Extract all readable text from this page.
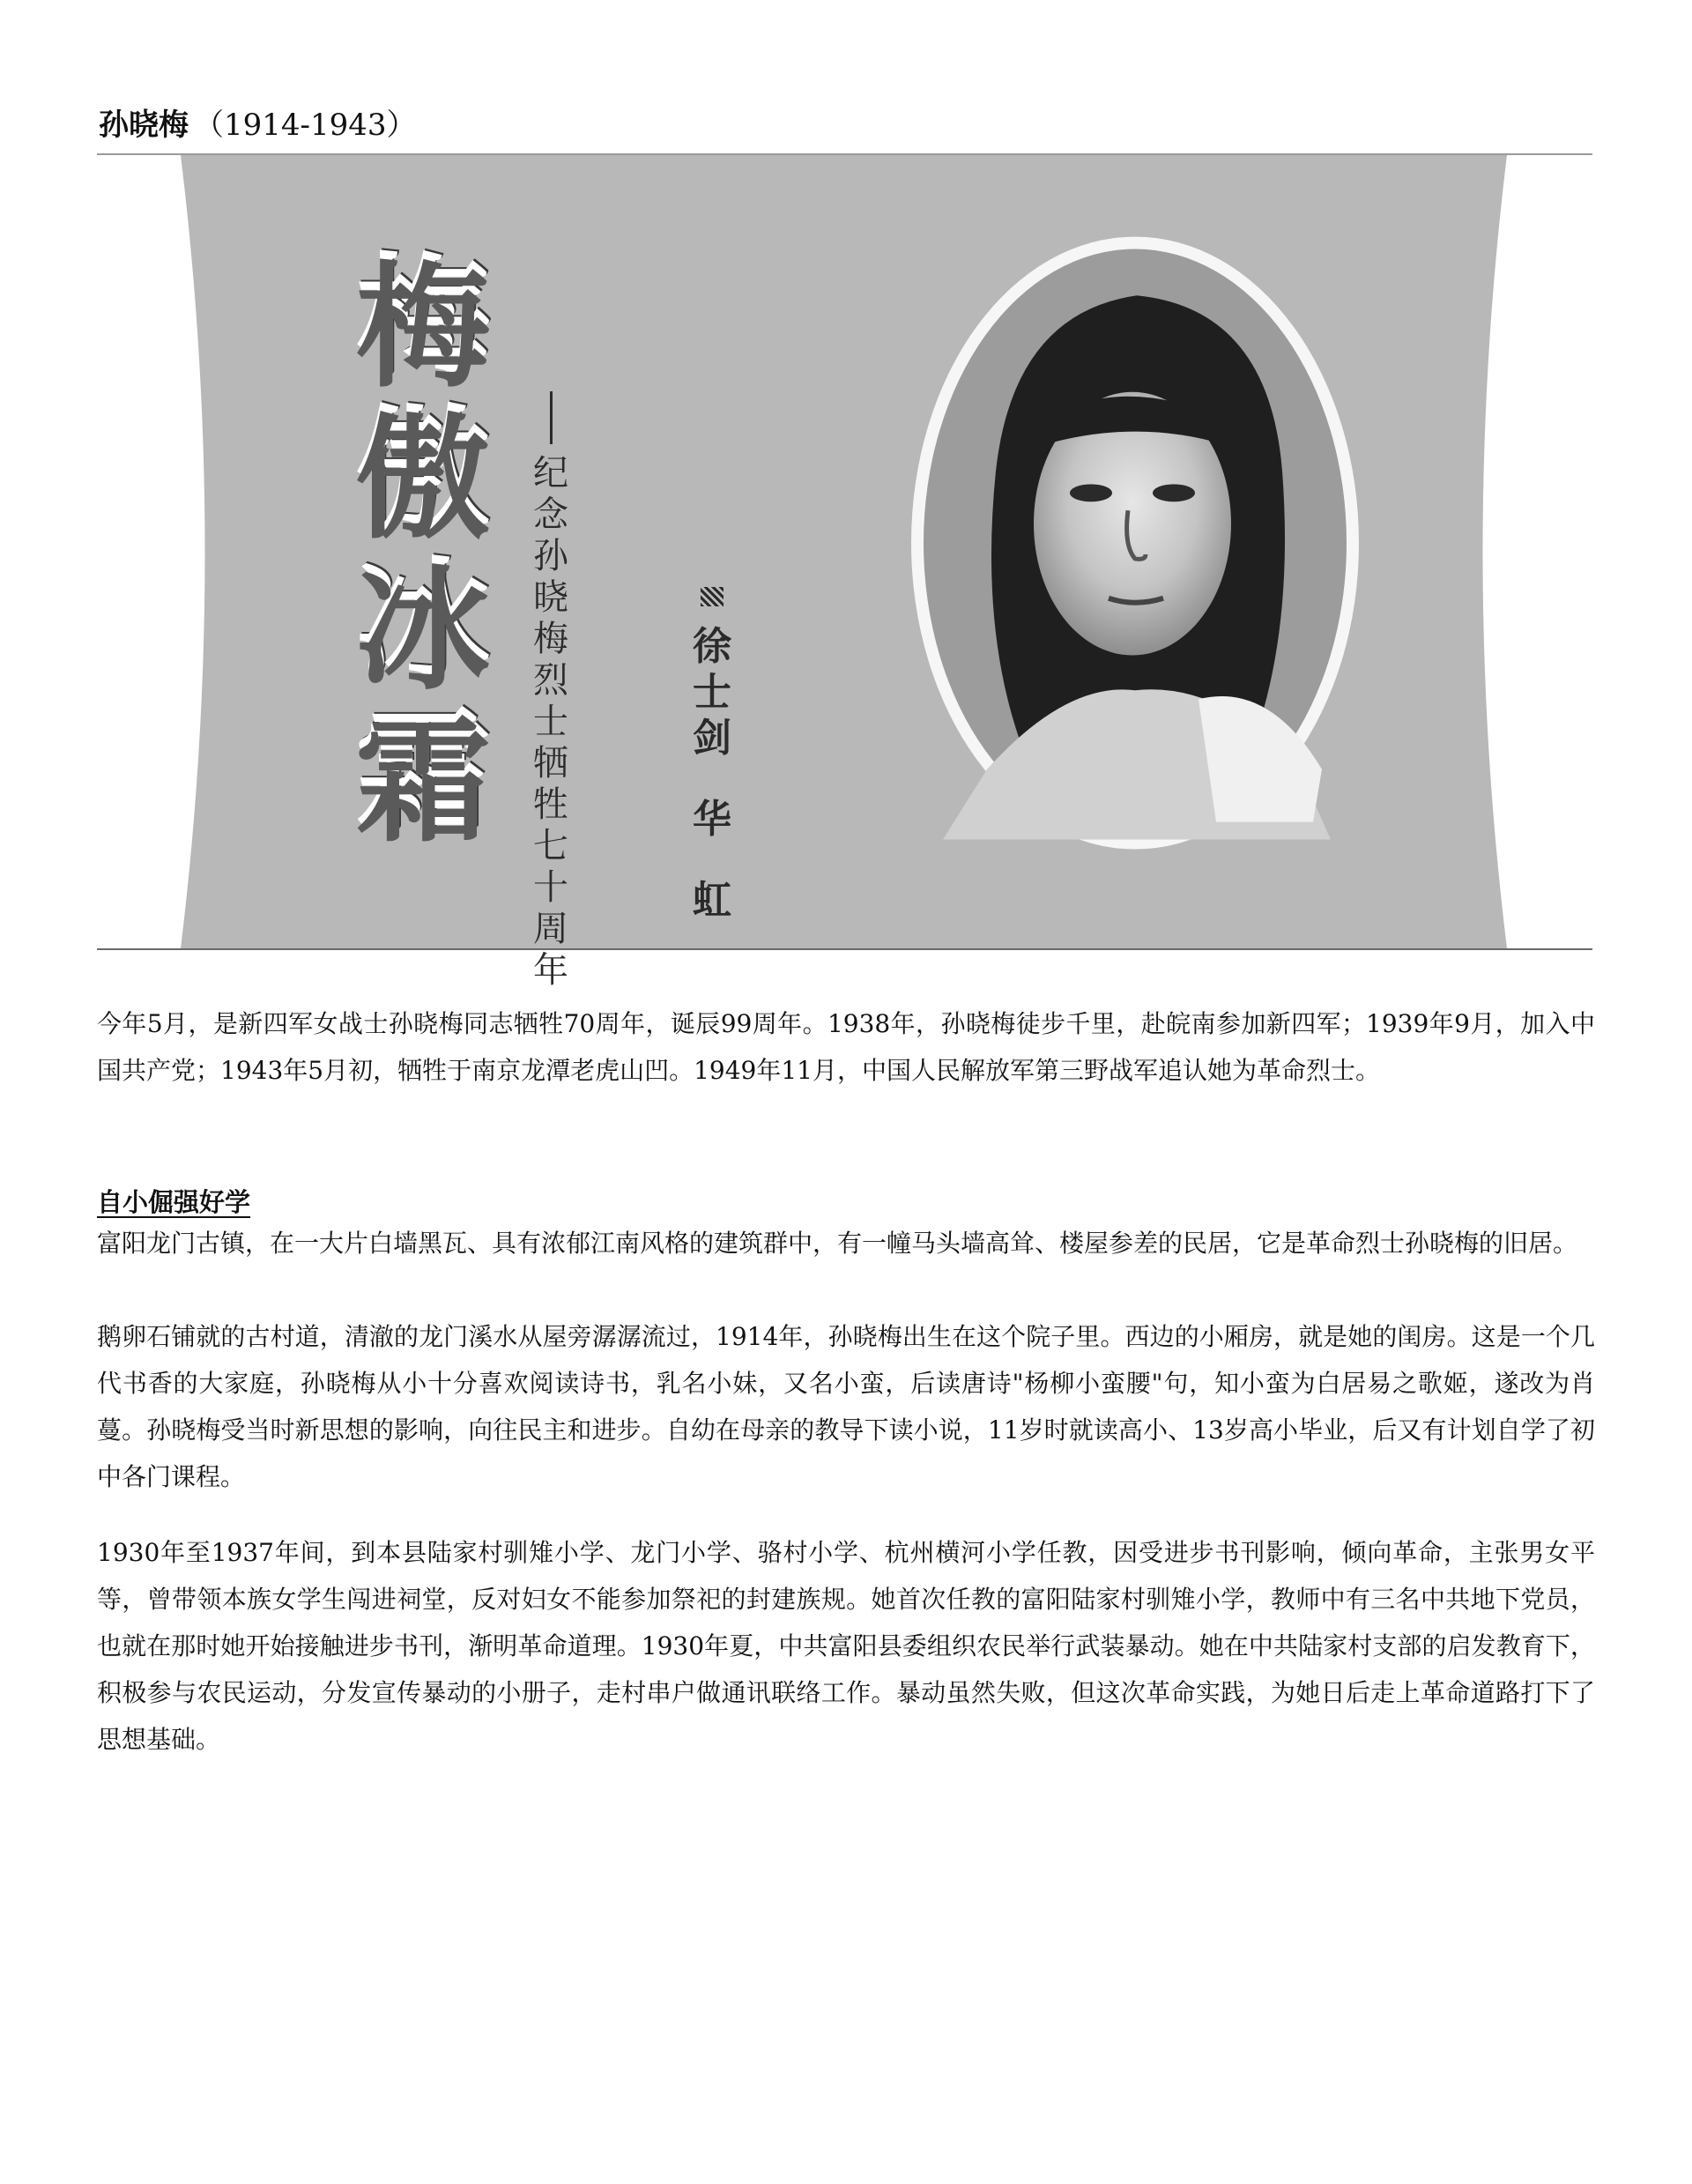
孙晓梅 （1914-1943）
梅
傲
冰
霜
纪念孙晓梅烈士牺牲七十周年
徐士剑
华
虹

今年5月，是新四军女战士孙晓梅同志牺牲70周年，诞辰99周年。1938年，孙晓梅徒步千里，赴皖南参加新四军；1939年9月，加入中国共产党；1943年5月初，牺牲于南京龙潭老虎山凹。1949年11月，中国人民解放军第三野战军追认她为革命烈士。

自小倔强好学

富阳龙门古镇，在一大片白墙黑瓦、具有浓郁江南风格的建筑群中，有一幢马头墙高耸、楼屋参差的民居，它是革命烈士孙晓梅的旧居。

鹅卵石铺就的古村道，清澈的龙门溪水从屋旁潺潺流过，1914年，孙晓梅出生在这个院子里。西边的小厢房，就是她的闺房。这是一个几代书香的大家庭，孙晓梅从小十分喜欢阅读诗书，乳名小妹，又名小蛮，后读唐诗"杨柳小蛮腰"句，知小蛮为白居易之歌姬，遂改为肖蔓。孙晓梅受当时新思想的影响，向往民主和进步。自幼在母亲的教导下读小说，11岁时就读高小、13岁高小毕业，后又有计划自学了初中各门课程。

1930年至1937年间，到本县陆家村驯雉小学、龙门小学、骆村小学、杭州横河小学任教，因受进步书刊影响，倾向革命，主张男女平等，曾带领本族女学生闯进祠堂，反对妇女不能参加祭祀的封建族规。她首次任教的富阳陆家村驯雉小学，教师中有三名中共地下党员，也就在那时她开始接触进步书刊，渐明革命道理。1930年夏，中共富阳县委组织农民举行武装暴动。她在中共陆家村支部的启发教育下，积极参与农民运动，分发宣传暴动的小册子，走村串户做通讯联络工作。暴动虽然失败，但这次革命实践，为她日后走上革命道路打下了思想基础。
